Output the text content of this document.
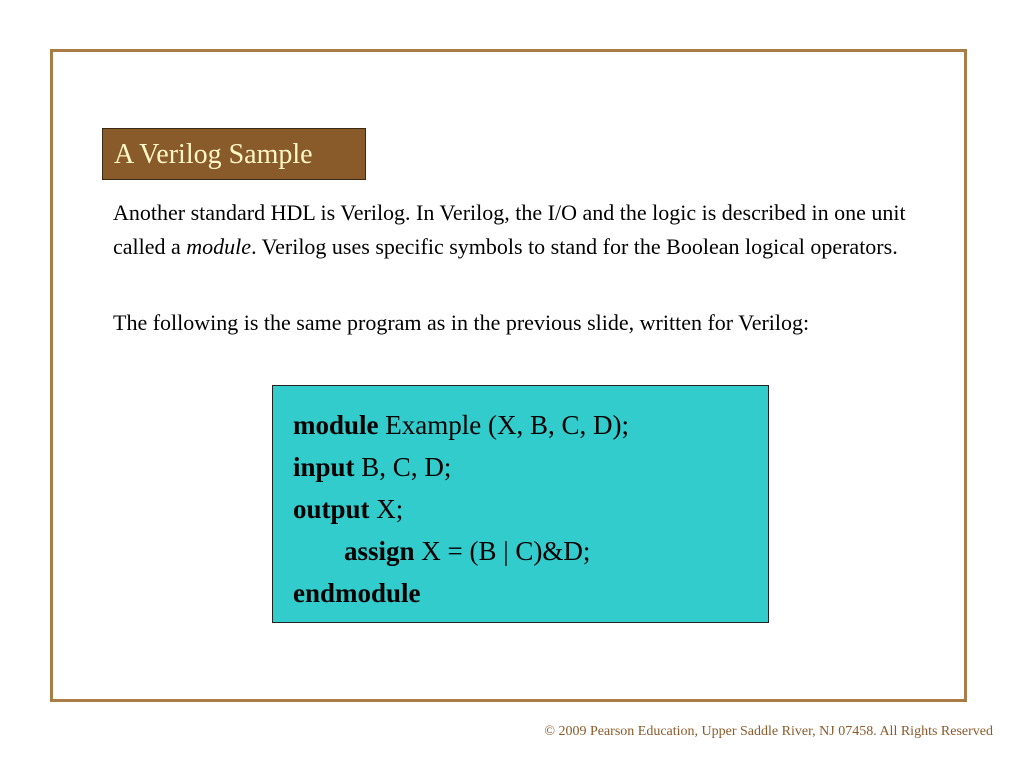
A Verilog Sample
Another standard HDL is Verilog. In Verilog, the I/O and the logic is described in one unit called a module. Verilog uses specific symbols to stand for the Boolean logical operators.
The following is the same program as in the previous slide, written for Verilog:
module Example (X, B, C, D);
input B, C, D;
output X;
assign X = (B | C)&D;
endmodule
© 2009 Pearson Education, Upper Saddle River, NJ 07458. All Rights Reserved
